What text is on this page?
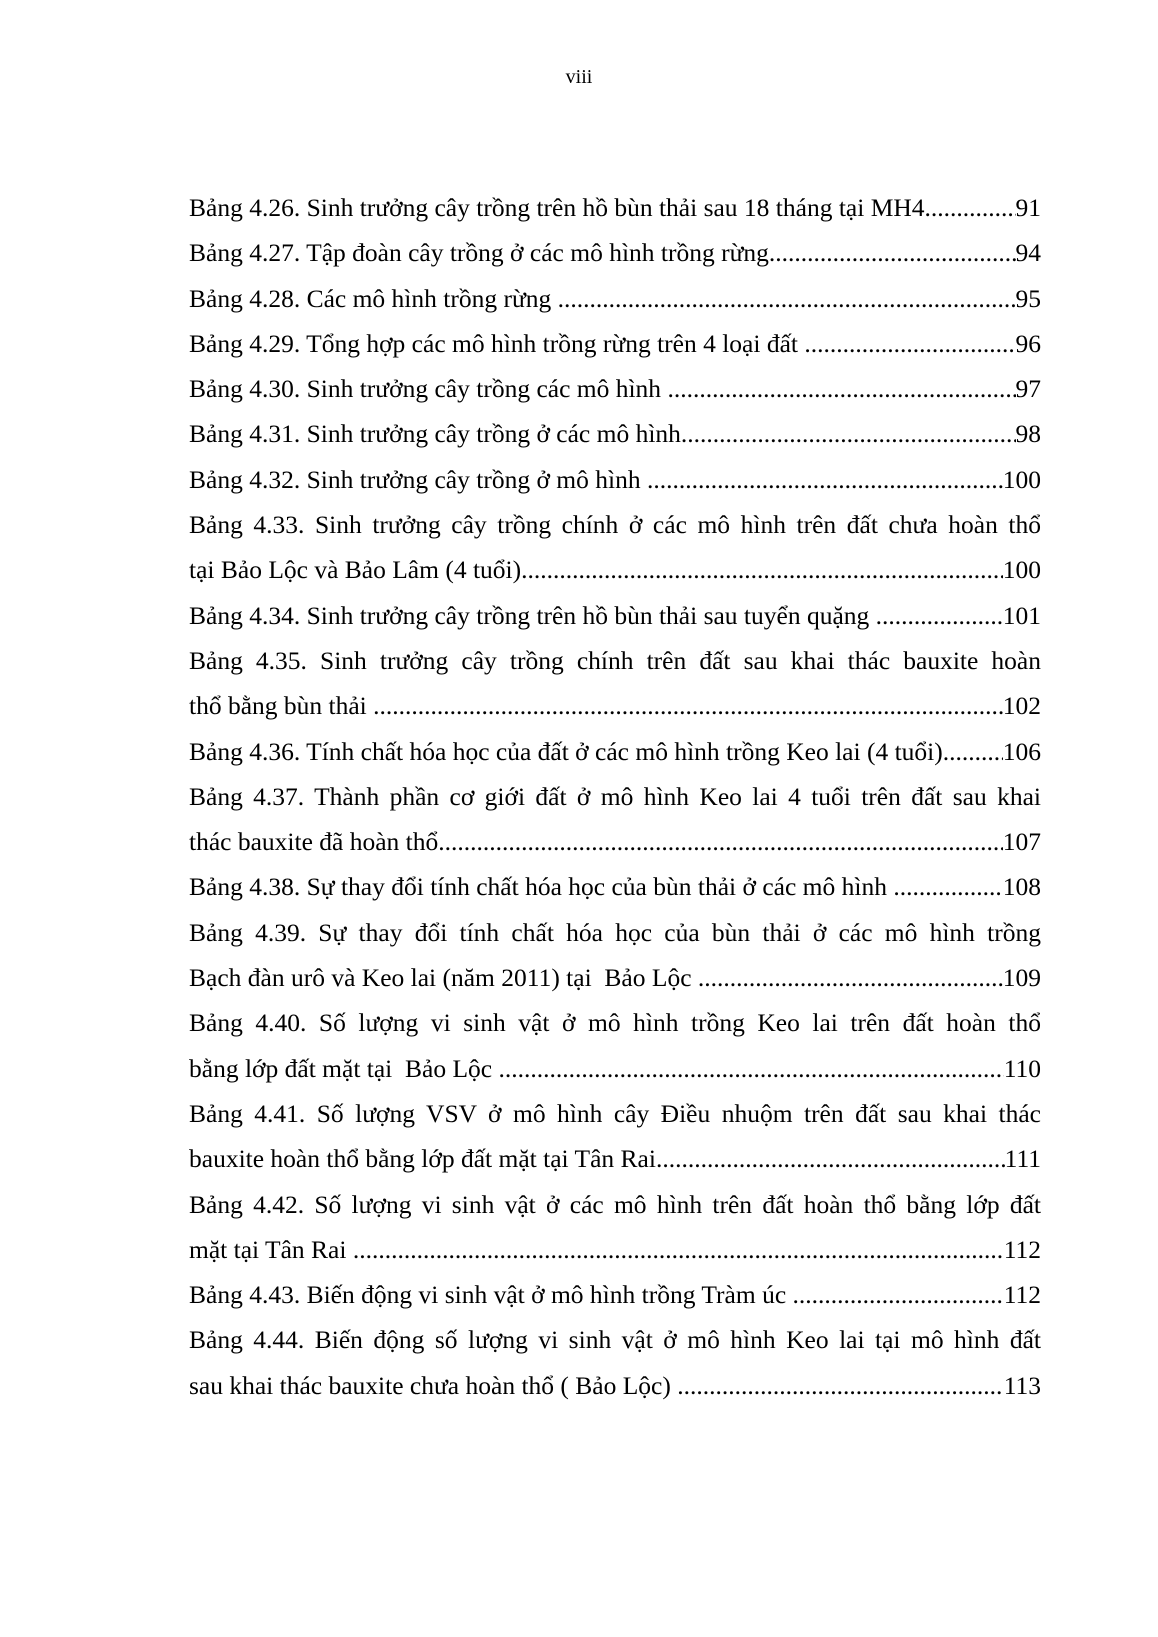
viii
Bảng 4.26. Sinh trưởng cây trồng trên hồ bùn thải sau 18 tháng tại MH4 .....	91
Bảng 4.27. Tập đoàn cây trồng ở các mô hình trồng rừng .....	94
Bảng 4.28. Các mô hình trồng rừng .....	95
Bảng 4.29. Tổng hợp các mô hình trồng rừng trên 4 loại đất .....	96
Bảng 4.30. Sinh trưởng cây trồng các mô hình .....	97
Bảng 4.31. Sinh trưởng cây trồng ở các mô hình .....	98
Bảng 4.32. Sinh trưởng cây trồng ở mô hình .....	100
Bảng 4.33. Sinh trưởng cây trồng chính ở các mô hình trên đất chưa hoàn thổ
tại Bảo Lộc và Bảo Lâm (4 tuổi) .....	100
Bảng 4.34. Sinh trưởng cây trồng trên hồ bùn thải sau tuyển quặng .....	101
Bảng 4.35. Sinh trưởng cây trồng chính trên đất sau khai thác bauxite hoàn
thổ bằng bùn thải .....	102
Bảng 4.36. Tính chất hóa học của đất ở các mô hình trồng Keo lai (4 tuổi). ..... 106
Bảng 4.37. Thành phần cơ giới đất ở mô hình Keo lai 4 tuổi trên đất sau khai
thác bauxite đã hoàn thổ .....	107
Bảng 4.38. Sự thay đổi tính chất hóa học của bùn thải ở các mô hình .....	108
Bảng 4.39. Sự thay đổi tính chất hóa học của bùn thải ở các mô hình trồng
Bạch đàn urô và Keo lai (năm 2011) tại  Bảo Lộc .....	109
Bảng 4.40. Số lượng vi sinh vật ở mô hình trồng Keo lai trên đất hoàn thổ
bằng lớp đất mặt tại  Bảo Lộc .....	110
Bảng 4.41. Số lượng VSV ở mô hình cây Điều nhuộm trên đất sau khai thác
bauxite hoàn thổ bằng lớp đất mặt tại Tân Rai .....	111
Bảng 4.42. Số lượng vi sinh vật ở các mô hình trên đất hoàn thổ bằng lớp đất
mặt tại Tân Rai .....	112
Bảng 4.43. Biến động vi sinh vật ở mô hình trồng Tràm úc .....	112
Bảng 4.44. Biến động số lượng vi sinh vật ở mô hình Keo lai tại mô hình đất
sau khai thác bauxite chưa hoàn thổ ( Bảo Lộc) .....	113
